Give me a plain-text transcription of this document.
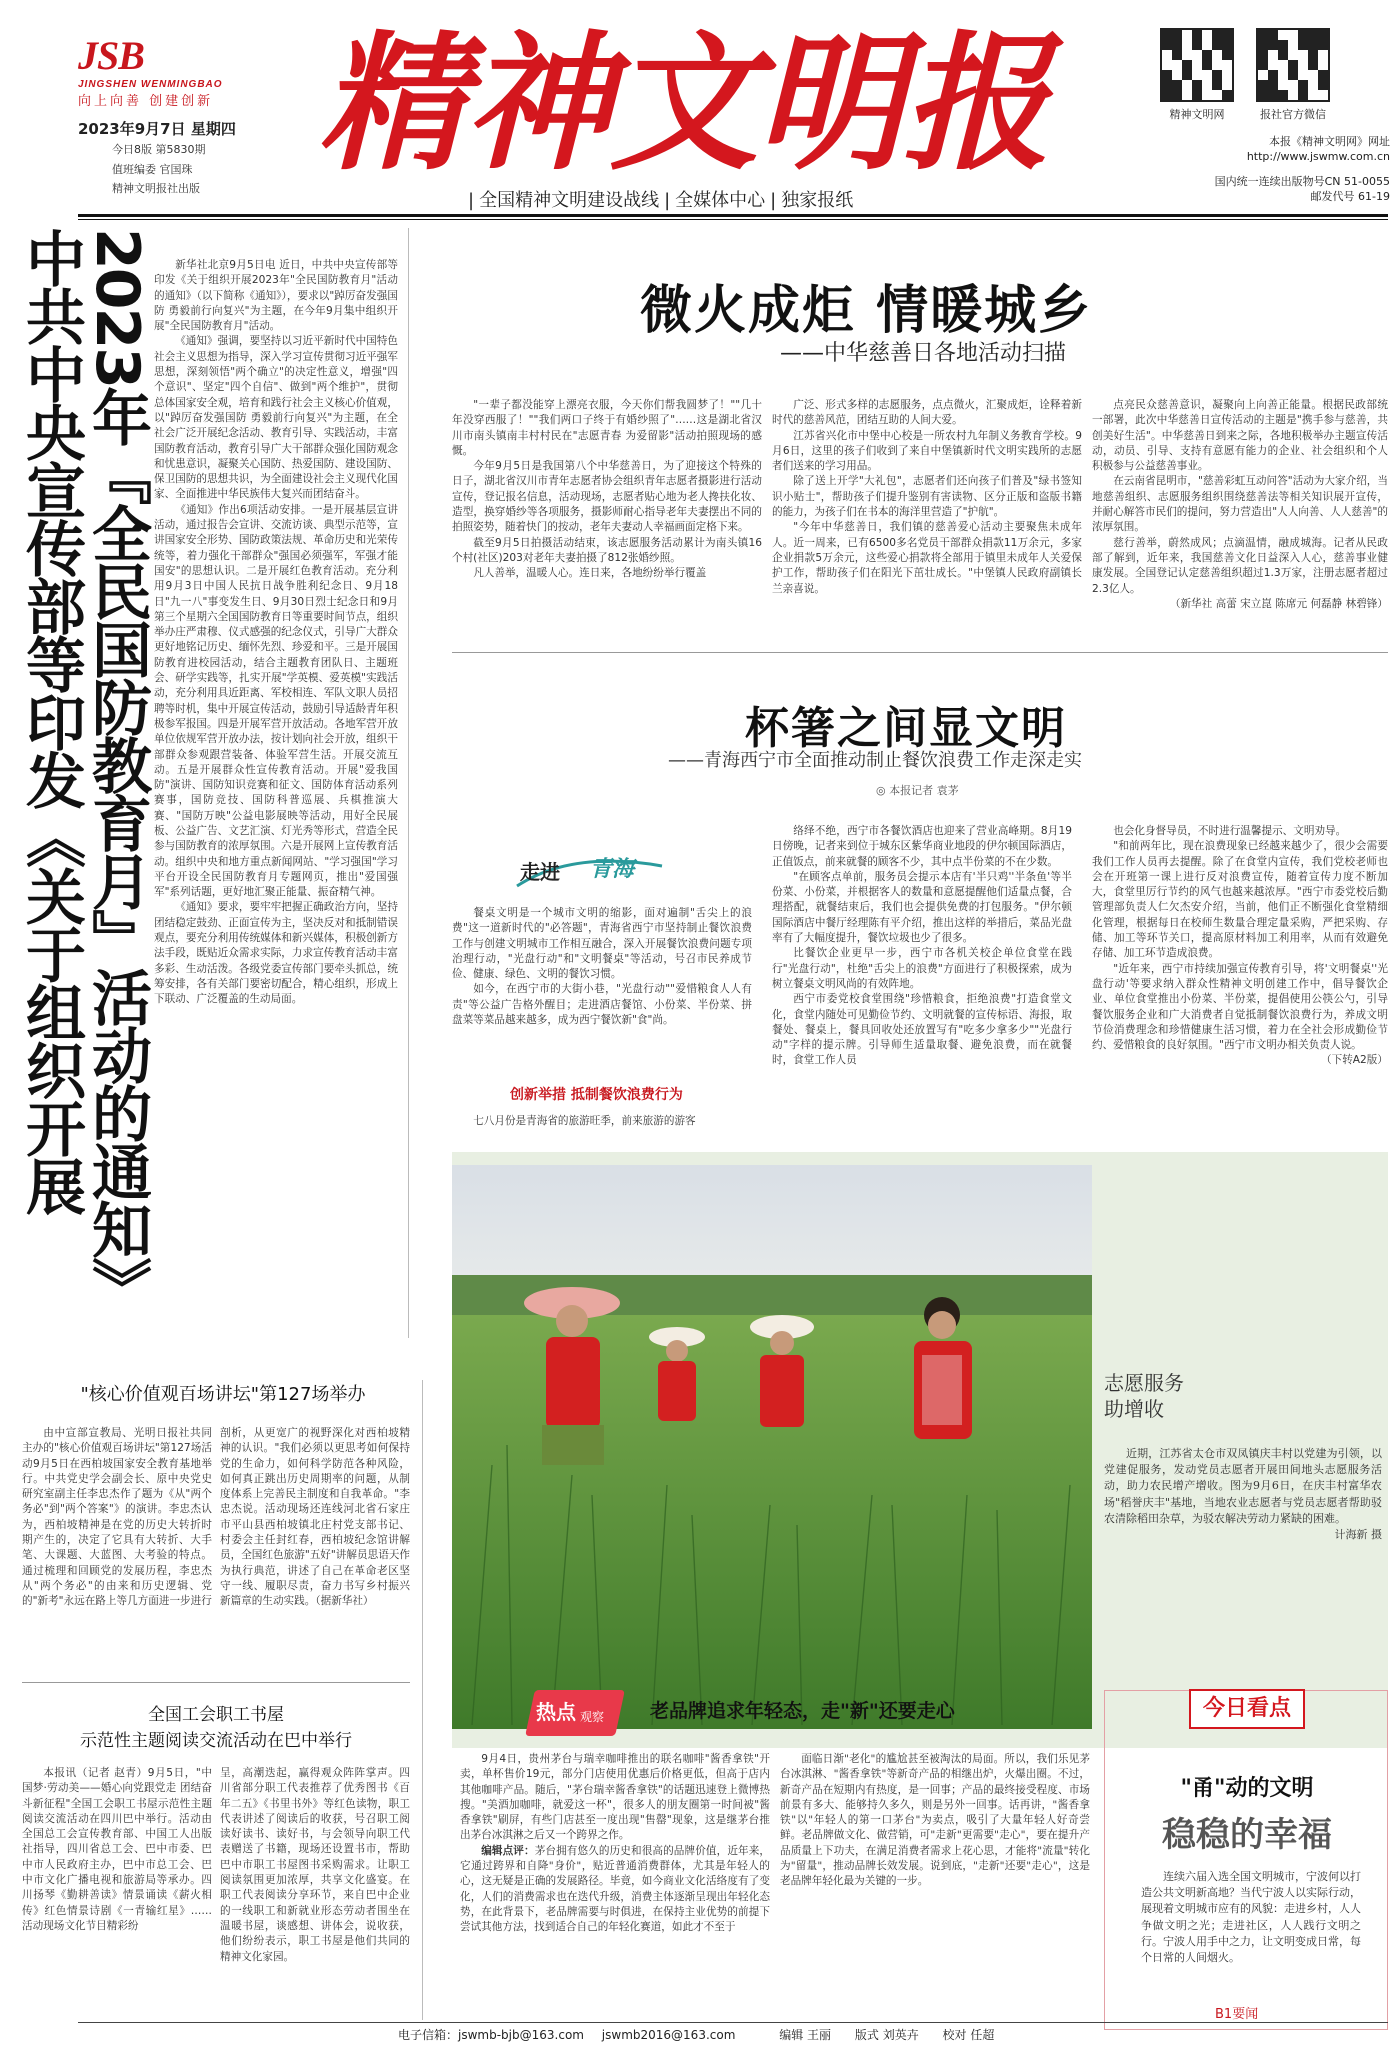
JSB
JINGSHEN WENMINGBAO
向上向善 创建创新 精神文明报
2023年9月7日 星期四
今日8版 第5830期
值班编委 官国珠
精神文明报社出版
精神文明网	报社官方微信
本报《精神文明网》网址
http://www.jswmw.com.cn
国内统一连续出版物号CN 51-0055
邮发代号 61-19
| 全国精神文明建设战线 | 全媒体中心 | 独家报纸
2023年『全民国防教育月』活动的通知》中共中央宣传部等印发《关于组织开展	新华社北京9月5日电 近日，中共中央宣传部等印发《关于组织开展2023年"全民国防教育月"活动的通知》（以下简称《通知》），要求以"踔厉奋发强国防 勇毅前行向复兴"为主题，在今年9月集中组织开展"全民国防教育月"活动。

《通知》强调，要坚持以习近平新时代中国特色社会主义思想为指导，深入学习宣传贯彻习近平强军思想，深刻领悟"两个确立"的决定性意义，增强"四个意识"、坚定"四个自信"、做到"两个维护"，贯彻总体国家安全观，培育和践行社会主义核心价值观，以"踔厉奋发强国防 勇毅前行向复兴"为主题，在全社会广泛开展纪念活动、教育引导、实践活动，丰富国防教育活动，教育引导广大干部群众强化国防观念和忧患意识，凝聚关心国防、热爱国防、建设国防、保卫国防的思想共识，为全面建设社会主义现代化国家、全面推进中华民族伟大复兴而团结奋斗。

《通知》作出6项活动安排。一是开展基层宣讲活动，通过报告会宣讲、交流访谈、典型示范等，宣讲国家安全形势、国防政策法规、革命历史和光荣传统等，着力强化干部群众"强国必须强军，军强才能国安"的思想认识。二是开展红色教育活动。充分利用9月3日中国人民抗日战争胜利纪念日、9月18日"九一八"事变发生日、9月30日烈士纪念日和9月第三个星期六全国国防教育日等重要时间节点，组织举办庄严肃穆、仪式感强的纪念仪式，引导广大群众更好地铭记历史、缅怀先烈、珍爱和平。三是开展国防教育进校园活动，结合主题教育团队日、主题班会、研学实践等，扎实开展"学英模、爱英模"实践活动，充分利用具近距离、军校相连、军队文职人员招聘等时机，集中开展宣传活动，鼓励引导适龄青年积极参军报国。四是开展军营开放活动。各地军营开放单位依规军营开放办法，按计划向社会开放，组织干部群众参观跟营装备、体验军营生活。开展交流互动。五是开展群众性宣传教育活动。开展"爱我国防"演讲、国防知识竞赛和征文、国防体育活动系列赛事，国防竞技、国防科普巡展、兵棋推演大赛、"国防万映"公益电影展映等活动，用好全民展板、公益广告、文艺汇演、灯光秀等形式，营造全民参与国防教育的浓厚氛围。六是开展网上宣传教育活动。组织中央和地方重点新闻网站、"学习强国"学习平台开设全民国防教育月专题网页，推出"爱国强军"系列话题，更好地汇聚正能量、振奋精气神。

《通知》要求，要牢牢把握正确政治方向，坚持团结稳定鼓劲、正面宣传为主，坚决反对和抵制错误观点，要充分利用传统媒体和新兴媒体，积极创新方法手段，既贴近众需求实际，力求宣传教育活动丰富多彩、生动活泼。各级党委宣传部门要牵头抓总，统筹安排，各有关部门要密切配合，精心组织，形成上下联动、广泛覆盖的生动局面。

微火成炬 情暖城乡
——中华慈善日各地活动扫描

"一辈子都没能穿上漂亮衣服，今天你们帮我圆梦了！""几十年没穿西服了！""我们两口子终于有婚纱照了"……这是湖北省汉川市南头镇南丰村村民在"志愿青春 为爱留影"活动拍照现场的感慨。

今年9月5日是我国第八个中华慈善日，为了迎接这个特殊的日子，湖北省汉川市青年志愿者协会组织青年志愿者摄影进行活动宣传，登记报名信息，活动现场，志愿者贴心地为老人搀扶化妆、造型，换穿婚纱等各项服务，摄影师耐心指导老年夫妻摆出不同的拍照姿势，随着快门的按动，老年夫妻动人幸福画面定格下来。

截至9月5日拍摄活动结束，该志愿服务活动累计为南头镇16个村(社区)203对老年夫妻拍摄了812张婚纱照。

凡人善举，温暖人心。连日来，各地纷纷举行覆盖

广泛、形式多样的志愿服务，点点微火，汇聚成炬，诠释着新时代的慈善风范，团结互助的人间大爱。

江苏省兴化市中堡中心校是一所农村九年制义务教育学校。9月6日，这里的孩子们收到了来自中堡镇新时代文明实践所的志愿者们送来的学习用品。

除了送上开学"大礼包"，志愿者们还向孩子们普及"绿书签知识小贴士"，帮助孩子们提升鉴别有害读物、区分正版和盗版书籍的能力，为孩子们在书本的海洋里营造了"护航"。

"今年中华慈善日，我们镇的慈善爱心活动主要聚焦未成年人。近一周来，已有6500多名党员干部群众捐款11万余元，多家企业捐款5万余元，这些爱心捐款将全部用于镇里未成年人关爱保护工作，帮助孩子们在阳光下茁壮成长。"中堡镇人民政府副镇长兰亲喜说。

点亮民众慈善意识，凝聚向上向善正能量。根据民政部统一部署，此次中华慈善日宣传活动的主题是"携手参与慈善，共创美好生活"。中华慈善日到来之际，各地积极举办主题宣传活动，动员、引导、支持有意愿有能力的企业、社会组织和个人积极参与公益慈善事业。

在云南省昆明市，"慈善彩虹互动问答"活动为大家介绍，当地慈善组织、志愿服务组织围绕慈善法等相关知识展开宣传，并耐心解答市民们的提问，努力营造出"人人向善、人人慈善"的浓厚氛围。

慈行善举，蔚然成风；点滴温情，融成城海。记者从民政部了解到，近年来，我国慈善文化日益深入人心，慈善事业健康发展。全国登记认定慈善组织超过1.3万家，注册志愿者超过2.3亿人。

（新华社 高蕾 宋立崑 陈席元 何磊静 林碧锋）

杯箸之间显文明
——青海西宁市全面推动制止餐饮浪费工作走深走实
◎ 本报记者 袁茅
走进 青海

餐桌文明是一个城市文明的缩影，面对遍制"舌尖上的浪费"这一道新时代的"必答题"，青海省西宁市坚持制止餐饮浪费工作与创建文明城市工作相互融合，深入开展餐饮浪费问题专项治理行动，"光盘行动"和"文明餐桌"等活动，号召市民养成节俭、健康、绿色、文明的餐饮习惯。

如今，在西宁市的大街小巷，"光盘行动""爱惜粮食人人有责"等公益广告格外醒目；走进酒店餐馆、小份菜、半份菜、拼盘菜等菜品越来越多，成为西宁餐饮新"食"尚。

创新举措 抵制餐饮浪费行为

七八月份是青海省的旅游旺季，前来旅游的游客

络绎不绝，西宁市各餐饮酒店也迎来了营业高峰期。8月19日傍晚，记者来到位于城东区紫华商业地段的伊尔顿国际酒店，正值饭点，前来就餐的顾客不少，其中点半份菜的不在少数。

"在顾客点单前，服务员会提示本店有'半只鸡''半条鱼'等半份菜、小份菜，并根据客人的数量和意愿提醒他们适量点餐，合理搭配，就餐结束后，我们也会提供免费的打包服务。"伊尔顿国际酒店中餐厅经理陈有平介绍，推出这样的举措后，菜品光盘率有了大幅度提升，餐饮垃圾也少了很多。

比餐饮企业更早一步，西宁市各机关校企单位食堂在践行"光盘行动"，杜绝"舌尖上的浪费"方面进行了积极探索，成为树立餐桌文明风尚的有效阵地。

西宁市委党校食堂围绕"珍惜粮食，拒绝浪费"打造食堂文化，食堂内随处可见勤俭节约、文明就餐的宣传标语、海报，取餐处、餐桌上，餐具回收处还放置写有"吃多少拿多少""光盘行动"字样的提示牌。引导师生适量取餐、避免浪费，而在就餐时，食堂工作人员

也会化身督导员，不时进行温馨提示、文明劝导。

"和前两年比，现在浪费现象已经越来越少了，很少会需要我们工作人员再去提醒。除了在食堂内宣传，我们党校老师也会在开班第一课上进行反对浪费宣传，随着宣传力度不断加大，食堂里厉行节约的风气也越来越浓厚。"西宁市委党校后勤管理部负责人仁欠杰安介绍，当前，他们正不断强化食堂精细化管理，根据每日在校师生数量合理定量采购，严把采购、存储、加工等环节关口，提高原材料加工利用率，从而有效避免存储、加工环节造成浪费。

"近年来，西宁市持续加强宣传教育引导，将'文明餐桌''光盘行动'等要求纳入群众性精神文明创建工作中，倡导餐饮企业、单位食堂推出小份菜、半份菜，提倡使用公筷公勺，引导餐饮服务企业和广大消费者自觉抵制餐饮浪费行为，养成文明节俭消费理念和珍惜健康生活习惯，着力在全社会形成勤俭节约、爱惜粮食的良好氛围。"西宁市文明办相关负责人说。

（下转A2版）

志愿服务
助增收
近期，江苏省太仓市双凤镇庆丰村以党建为引领，以党建促服务，发动党员志愿者开展田间地头志愿服务活动，助力农民增产增收。图为9月6日，在庆丰村富华农场"稻誉庆丰"基地，当地农业志愿者与党员志愿者帮助驳农清除稻田杂草，为驳农解决劳动力紧缺的困难。
计海新 摄
"核心价值观百场讲坛"第127场举办
由中宣部宣教局、光明日报社共同主办的"核心价值观百场讲坛"第127场活动9月5日在西柏坡国家安全教育基地举行。中共党史学会副会长、原中央党史研究室副主任李忠杰作了题为《从"两个务必"到"两个答案"》的演讲。李忠杰认为，西柏坡精神是在党的历史大转折时期产生的，决定了它具有大转折、大手笔、大课题、大蓝图、大考验的特点。通过梳理和回顾党的发展历程，李忠杰从"两个务必"的由来和历史逻辑、党的"新考"永远在路上等几方面进一步进行
剖析，从更宽广的视野深化对西柏坡精神的认识。"我们必须以更思考如何保持党的生命力，如何科学防范各种风险，如何真正跳出历史周期率的问题，从制度体系上完善民主制度和自我革命。"李忠杰说。活动现场还连线河北省石家庄市平山县西柏坡镇北庄村党支部书记、村委会主任封红春，西柏坡纪念馆讲解员，全国红色旅游"五好"讲解员思语天作为执行典范，讲述了自己在革命老区坚守一线、履职尽责，奋力书写乡村振兴新篇章的生动实践。（据新华社）
全国工会职工书屋
示范性主题阅读交流活动在巴中举行
本报讯（记者 赵青）9月5日，"中国梦·劳动美——婚心向党跟党走 团结奋斗新征程"全国工会职工书屋示范性主题阅读交流活动在四川巴中举行。活动由全国总工会宣传教育部、中国工人出版社指导，四川省总工会、巴中市委、巴中市人民政府主办，巴中市总工会、巴中市文化广播电视和旅游局等承办。四川扬琴《勤耕善读》情景诵读《薪火相传》红色情景诗剧《一青输红星》……活动现场文化节目精彩纷
呈，高潮迭起，赢得观众阵阵掌声。四川省部分职工代表推荐了优秀图书《百年二五》《书里书外》等红色读物，职工代表讲述了阅读后的收获，号召职工阅读好读书、读好书，与会领导向职工代表赠送了书籍，现场还设置书市，帮助巴中市职工书屋图书采购需求。让职工阅读氛围更加浓厚，共享文化盛宴。在职工代表阅读分享环节，来自巴中企业的一线职工和新就业形态劳动者围坐在温暖书屋，谈感想、讲体会，说收获，他们纷纷表示，职工书屋是他们共同的精神文化家园。
热点 观察 老品牌追求年轻态，走"新"还要走心

9月4日，贵州茅台与瑞幸咖啡推出的联名咖啡"酱香拿铁"开卖，单杯售价19元，部分门店使用优惠后价格更低，但高于店内其他咖啡产品。随后，"茅台瑞幸酱香拿铁"的话题迅速登上微博热搜。"美酒加咖啡，就爱这一杯"，很多人的朋友圈第一时间被"酱香拿铁"刷屏，有些门店甚至一度出现"售罄"现象，这是继茅台推出茅台冰淇淋之后又一个跨界之作。

编辑点评：茅台拥有悠久的历史和很高的品牌价值，近年来，它通过跨界和自降"身价"，贴近普通消费群体，尤其是年轻人的心，这无疑是正确的发展路径。毕竟，如今商业文化活络度有了变化，人们的消费需求也在迭代升级，消费主体逐渐呈现出年轻化态势，在此背景下，老品牌需要与时俱进，在保持主业优势的前提下尝试其他方法，找到适合自己的年轻化赛道，如此才不至于

面临日渐"老化"的尴尬甚至被淘汰的局面。所以，我们乐见茅台冰淇淋、"酱香拿铁"等新奇产品的相继出炉，火爆出圈。不过，新奇产品在短期内有热度，是一回事；产品的最终接受程度、市场前景有多大、能够持久多久，则是另外一回事。话再讲，"酱香拿铁"以"年轻人的第一口茅台"为卖点，吸引了大量年轻人好奇尝鲜。老品牌做文化、做营销，可"走新"更需要"走心"，要在提升产品质量上下功夫，在满足消费者需求上花心思，才能将"流量"转化为"留量"，推动品牌长效发展。说到底，"走新"还要"走心"，这是老品牌年轻化最为关键的一步。

今日看点
"甬"动的文明
稳稳的幸福
连续六届入选全国文明城市，宁波何以打造公共文明新高地？当代宁波人以实际行动，展现着文明城市应有的风貌：走进乡村，人人争做文明之光；走进社区，人人践行文明之行。宁波人用手中之力，让文明变成日常，每个日常的人间烟火。
B1要闻
电子信箱：jswmb-bjb@163.com jswmb2016@163.com	编辑 王丽 版式 刘英卉 校对 任超
